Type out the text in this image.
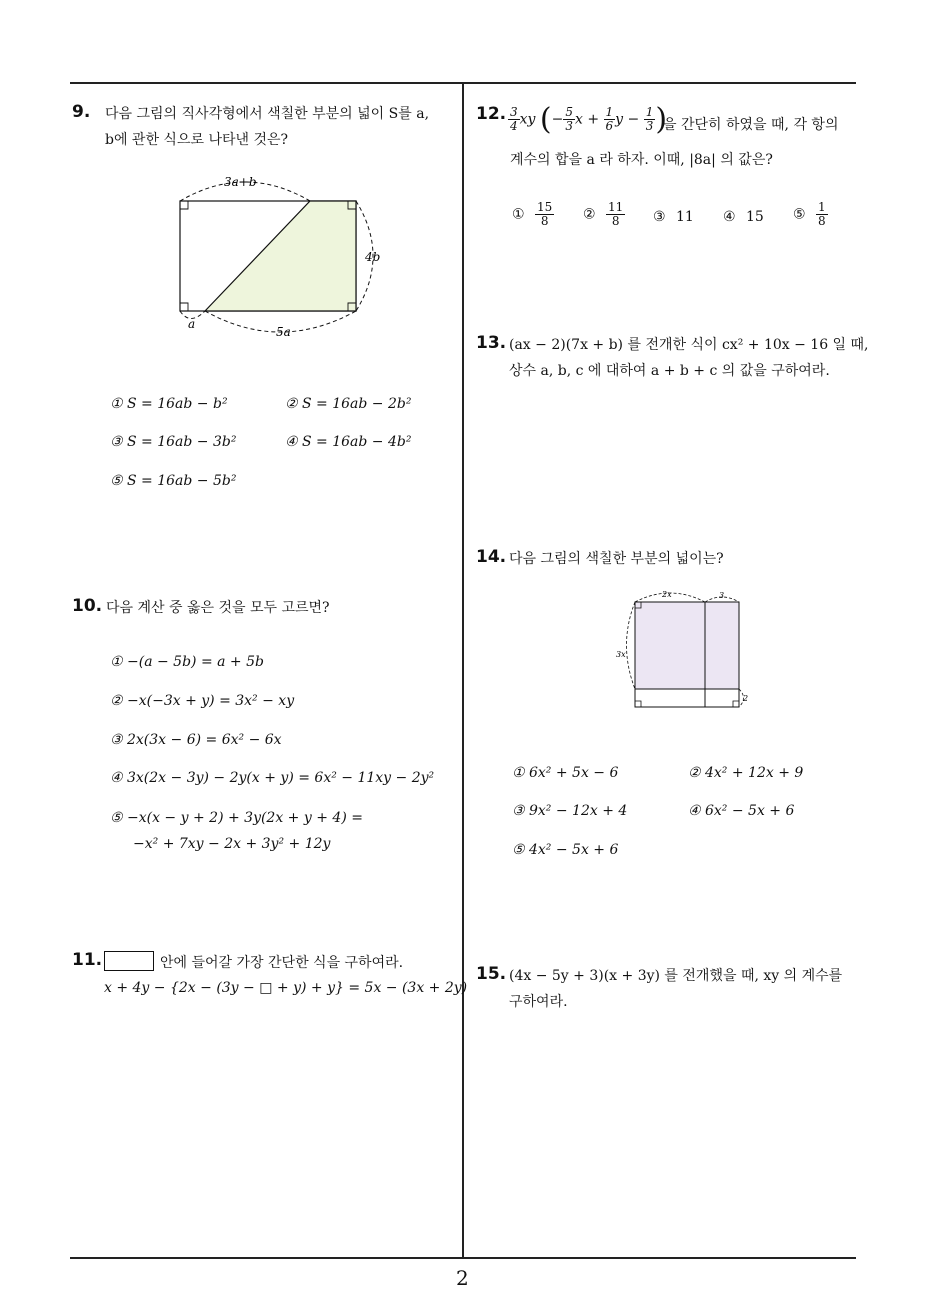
2
9. 다음 그림의 직사각형에서 색칠한 부분의 넓이 S를 a,
b에 관한 식으로 나타낸 것은?
3a+b
4b
a
5a
① S = 16ab − b²	② S = 16ab − 2b²
③ S = 16ab − 3b²	④ S = 16ab − 4b²
⑤ S = 16ab − 5b²
10. 다음 계산 중 옳은 것을 모두 고르면?
① −(a − 5b) = a + 5b
② −x(−3x + y) = 3x² − xy
③ 2x(3x − 6) = 6x² − 6x
④ 3x(2x − 3y) − 2y(x + y) = 6x² − 11xy − 2y²
⑤ −x(x − y + 2) + 3y(2x + y + 4) =
−x² + 7xy − 2x + 3y² + 12y
11.	안에 들어갈 가장 간단한 식을 구하여라.
x + 4y − {2x − (3y − □ + y) + y} = 5x − (3x + 2y)
12. $\frac{3}{4}$ xy (− $\frac{5}{3}$ $x + \frac{1}{6}$ $y - \frac{1}{3}$ )
을 간단히 하였을 때, 각 항의
계수의 합을 a 라 하자. 이때, |8a| 의 값은?
① $\frac{15}{8}$ ② $\frac{11}{8}$ ③ 11 ④ 15 ⑤ $\frac{1}{8}$
13. (ax − 2)(7x + b) 를 전개한 식이 cx² + 10x − 16 일 때,
상수 a, b, c 에 대하여 a + b + c 의 값을 구하여라.
14. 다음 그림의 색칠한 부분의 넓이는?
2x	3
3x
2
① 6x² + 5x − 6	② 4x² + 12x + 9
③ 9x² − 12x + 4	④ 6x² − 5x + 6
⑤ 4x² − 5x + 6
15. (4x − 5y + 3)(x + 3y) 를 전개했을 때, xy 의 계수를
구하여라.
